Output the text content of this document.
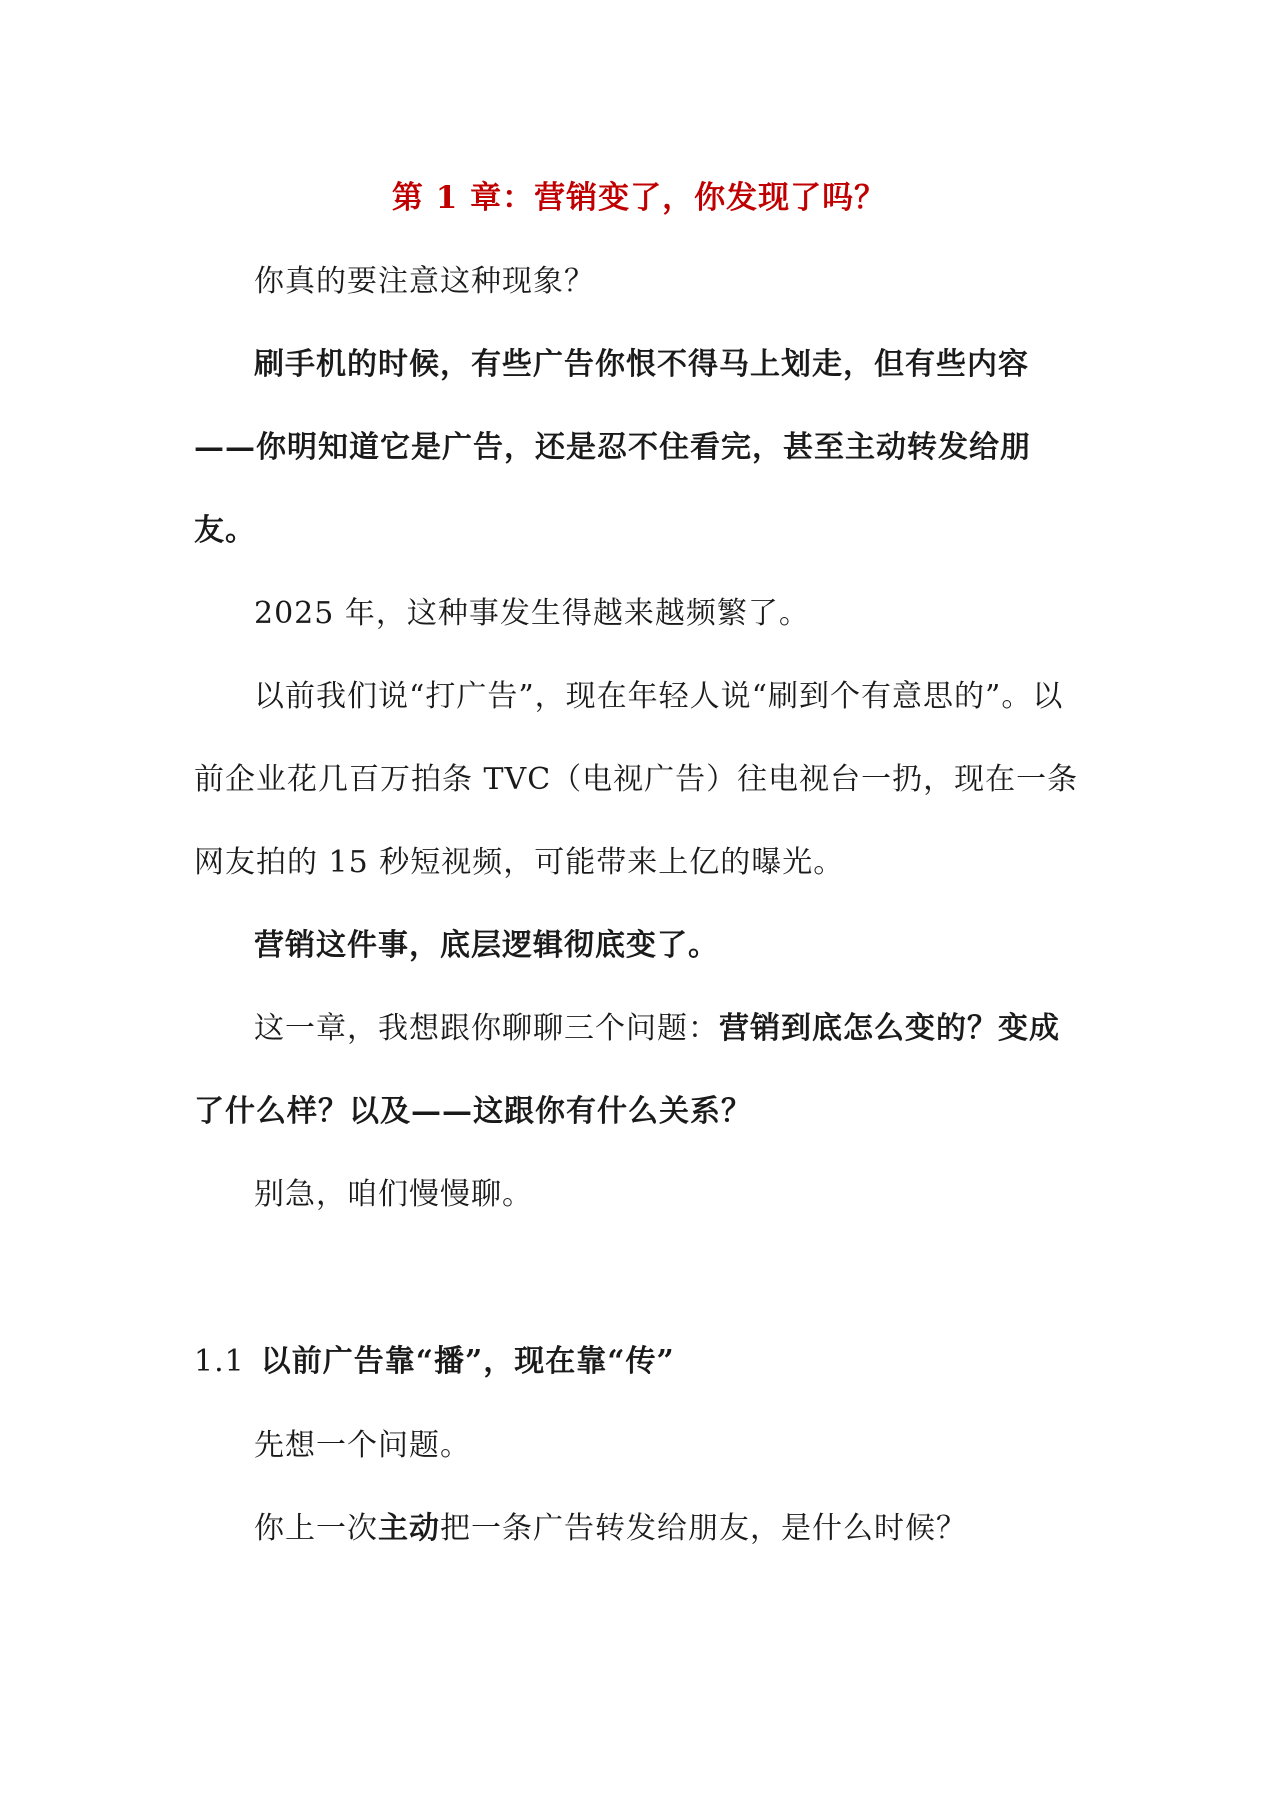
第 1 章：营销变了，你发现了吗？

你真的要注意这种现象？

刷手机的时候，有些广告你恨不得马上划走，但有些内容——你明知道它是广告，还是忍不住看完，甚至主动转发给朋友。

2025 年，这种事发生得越来越频繁了。

以前我们说“打广告”，现在年轻人说“刷到个有意思的”。以前企业花几百万拍条 TVC（电视广告）往电视台一扔，现在一条网友拍的 15 秒短视频，可能带来上亿的曝光。

营销这件事，底层逻辑彻底变了。

这一章，我想跟你聊聊三个问题：营销到底怎么变的？变成了什么样？以及——这跟你有什么关系？

别急，咱们慢慢聊。

1.1 以前广告靠“播”，现在靠“传”

先想一个问题。

你上一次主动把一条广告转发给朋友，是什么时候？
